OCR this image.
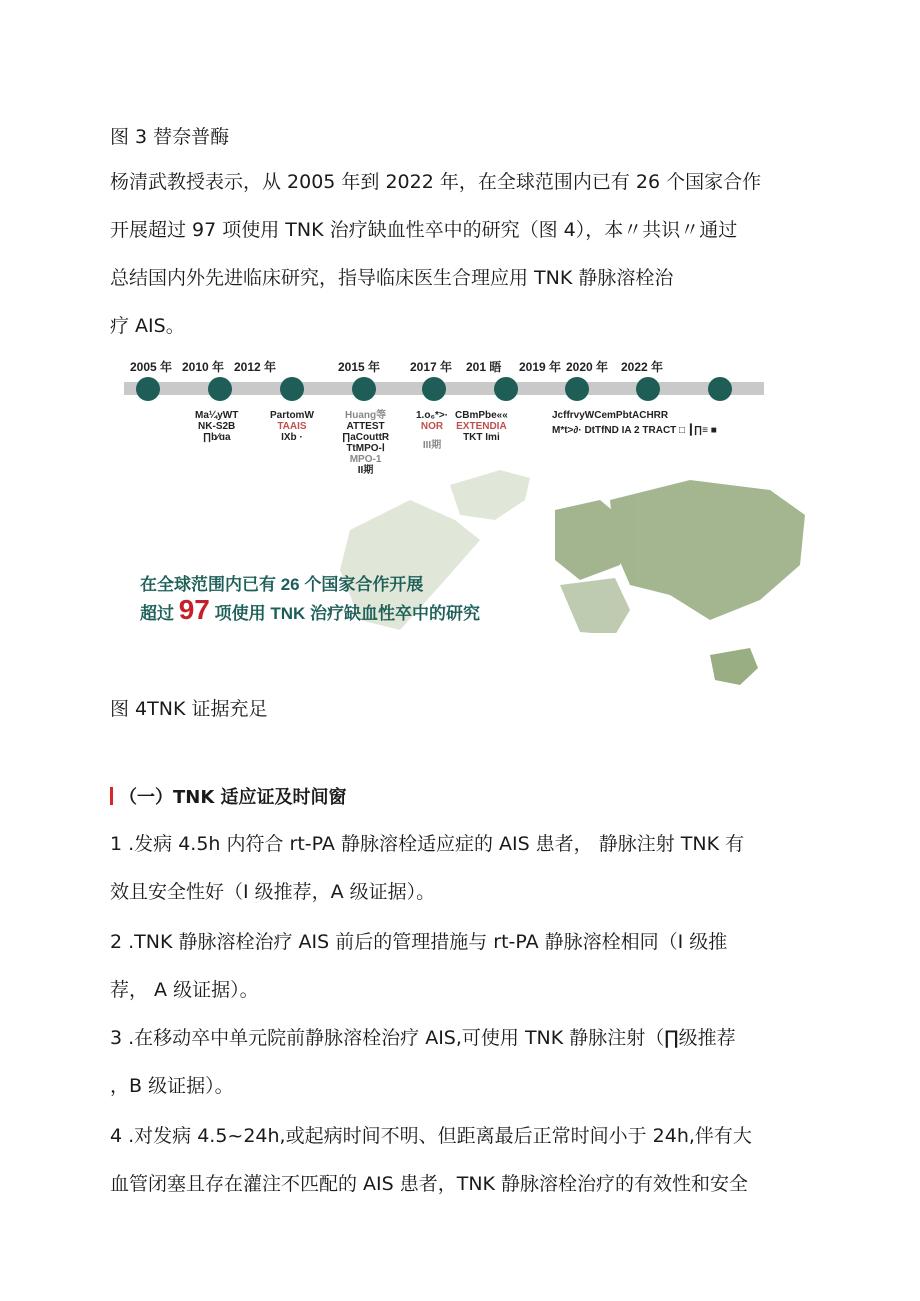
图 3 替奈普酶
杨清武教授表示，从 2005 年到 2022 年，在全球范围内已有 26 个国家合作
开展超过 97 项使用 TNK 治疗缺血性卒中的研究（图 4），本〃共识〃通过
总结国内外先进临床研究，指导临床医生合理应用 TNK 静脉溶栓治
疗 AIS。
2005 年 2010 年 2012 年	2015 年 2017 年 201 晤 2019 年 2020 年 2022 年
Ma¼yWT
NK-S2B
∏b⁄ɑa
PartomW
TAAIS
IXb ·
Huang等
ATTEST
∏aCouttR
TtMPO-Ⅰ
MPO-1
II期
1.o₆*>·
NOR
III期
CBmPbe««
EXTENDIA
TKT Imi
JcffrvyWCemPbtACHRR
M*t>∂· DtTfND IA 2 TRACT □ ┃∏≡ ■
在全球范围内已有 26 个国家合作开展
超过 97 项使用 TNK 治疗缺血性卒中的研究
图 4TNK 证据充足
（一）TNK 适应证及时间窗
1 .发病 4.5h 内符合 rt-PA 静脉溶栓适应症的 AIS 患者， 静脉注射 TNK 有
效且安全性好（I 级推荐，A 级证据）。
2 .TNK 静脉溶栓治疗 AIS 前后的管理措施与 rt-PA 静脉溶栓相同（I 级推
荐， A 级证据）。
3 .在移动卒中单元院前静脉溶栓治疗 AIS,可使用 TNK 静脉注射（∏级推荐
，B 级证据）。
4 .对发病 4.5~24h,或起病时间不明、但距离最后正常时间小于 24h,伴有大
血管闭塞且存在灌注不匹配的 AIS 患者，TNK 静脉溶栓治疗的有效性和安全
